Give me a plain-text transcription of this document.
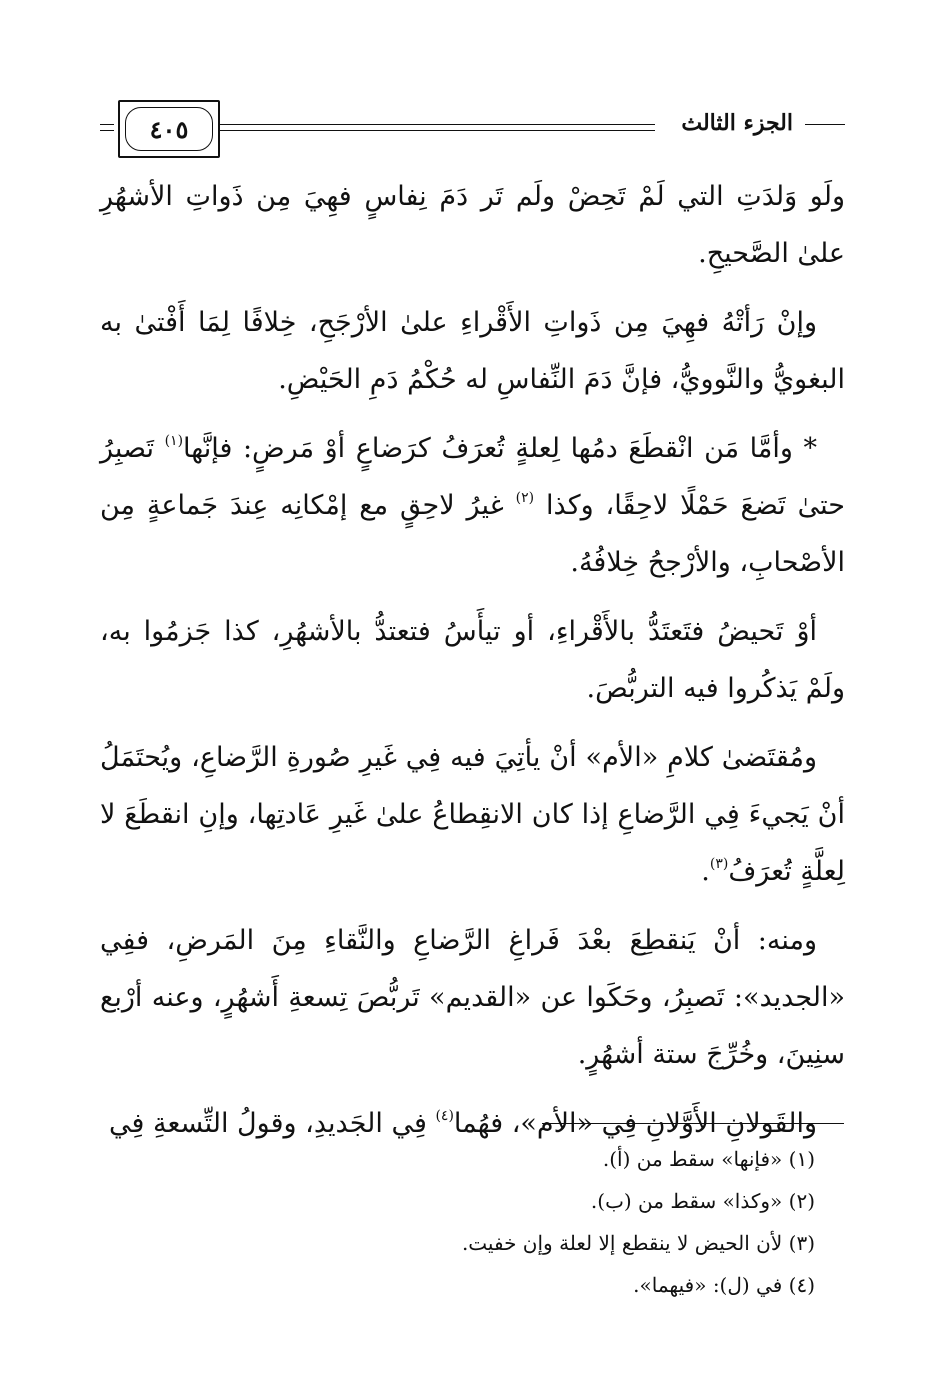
٤٠٥	الجزء الثالث

ولَو وَلدَتِ التي لَمْ تَحِضْ ولَم تَر دَمَ نِفاسٍ فهِيَ مِن ذَواتِ الأشهُرِ علىٰ الصَّحيحِ.

وإنْ رَأتْهُ فهِيَ مِن ذَواتِ الأَقْراءِ علىٰ الأرْجَحِ، خِلافًا لِمَا أَفْتىٰ به البغويُّ والنَّوويُّ، فإنَّ دَمَ النِّفاسِ له حُكْمُ دَمِ الحَيْضِ.

* وأمَّا مَن انْقطَعَ دمُها لِعلةٍ تُعرَفُ كرَضاعٍ أوْ مَرضٍ: فإنَّها$^{(١)}$ تَصبِرُ حتىٰ تَضعَ حَمْلًا لاحِقًا، وكذا $^{(٢)}$ غيرُ لاحِقٍ مع إمْكانِه عِندَ جَماعةٍ مِن الأصْحابِ، والأرْجحُ خِلافُهُ.

أوْ تَحيضُ فتَعتَدُّ بالأَقْراءِ، أو تيأَسُ فتعتدُّ بالأشهُرِ، كذا جَزمُوا به، ولَمْ يَذكُروا فيه التربُّصَ.

ومُقتَضىٰ كلامِ «الأم» أنْ يأتِيَ فيه فِي غَيرِ صُورةِ الرَّضاعِ، ويُحتَمَلُ أنْ يَجيءَ فِي الرَّضاعِ إذا كان الانقِطاعُ علىٰ غَيرِ عَادتِها، وإنِ انقطَعَ لا لِعلَّةٍ تُعرَفُ$^{(٣)}$.

ومنه: أنْ يَنقطِعَ بعْدَ فَراغِ الرَّضاعِ والنَّقاءِ مِنَ المَرضِ، ففِي «الجديد»: تَصبِرُ، وحَكَوا عن «القديم» تَربُّصَ تِسعةِ أَشهُرٍ، وعنه أرْبع سنِينَ، وخُرِّجَ ستة أشهُرٍ.

والقَولانِ الأَوَّلانِ فِي «الأم»، فهُما$^{(٤)}$ فِي الجَديدِ، وقولُ التِّسعةِ فِي

(١) «فإنها» سقط من (أ).
(٢) «وكذا» سقط من (ب).
(٣) لأن الحيض لا ينقطع إلا لعلة وإن خفيت.
(٤) في (ل): «فيهما».
